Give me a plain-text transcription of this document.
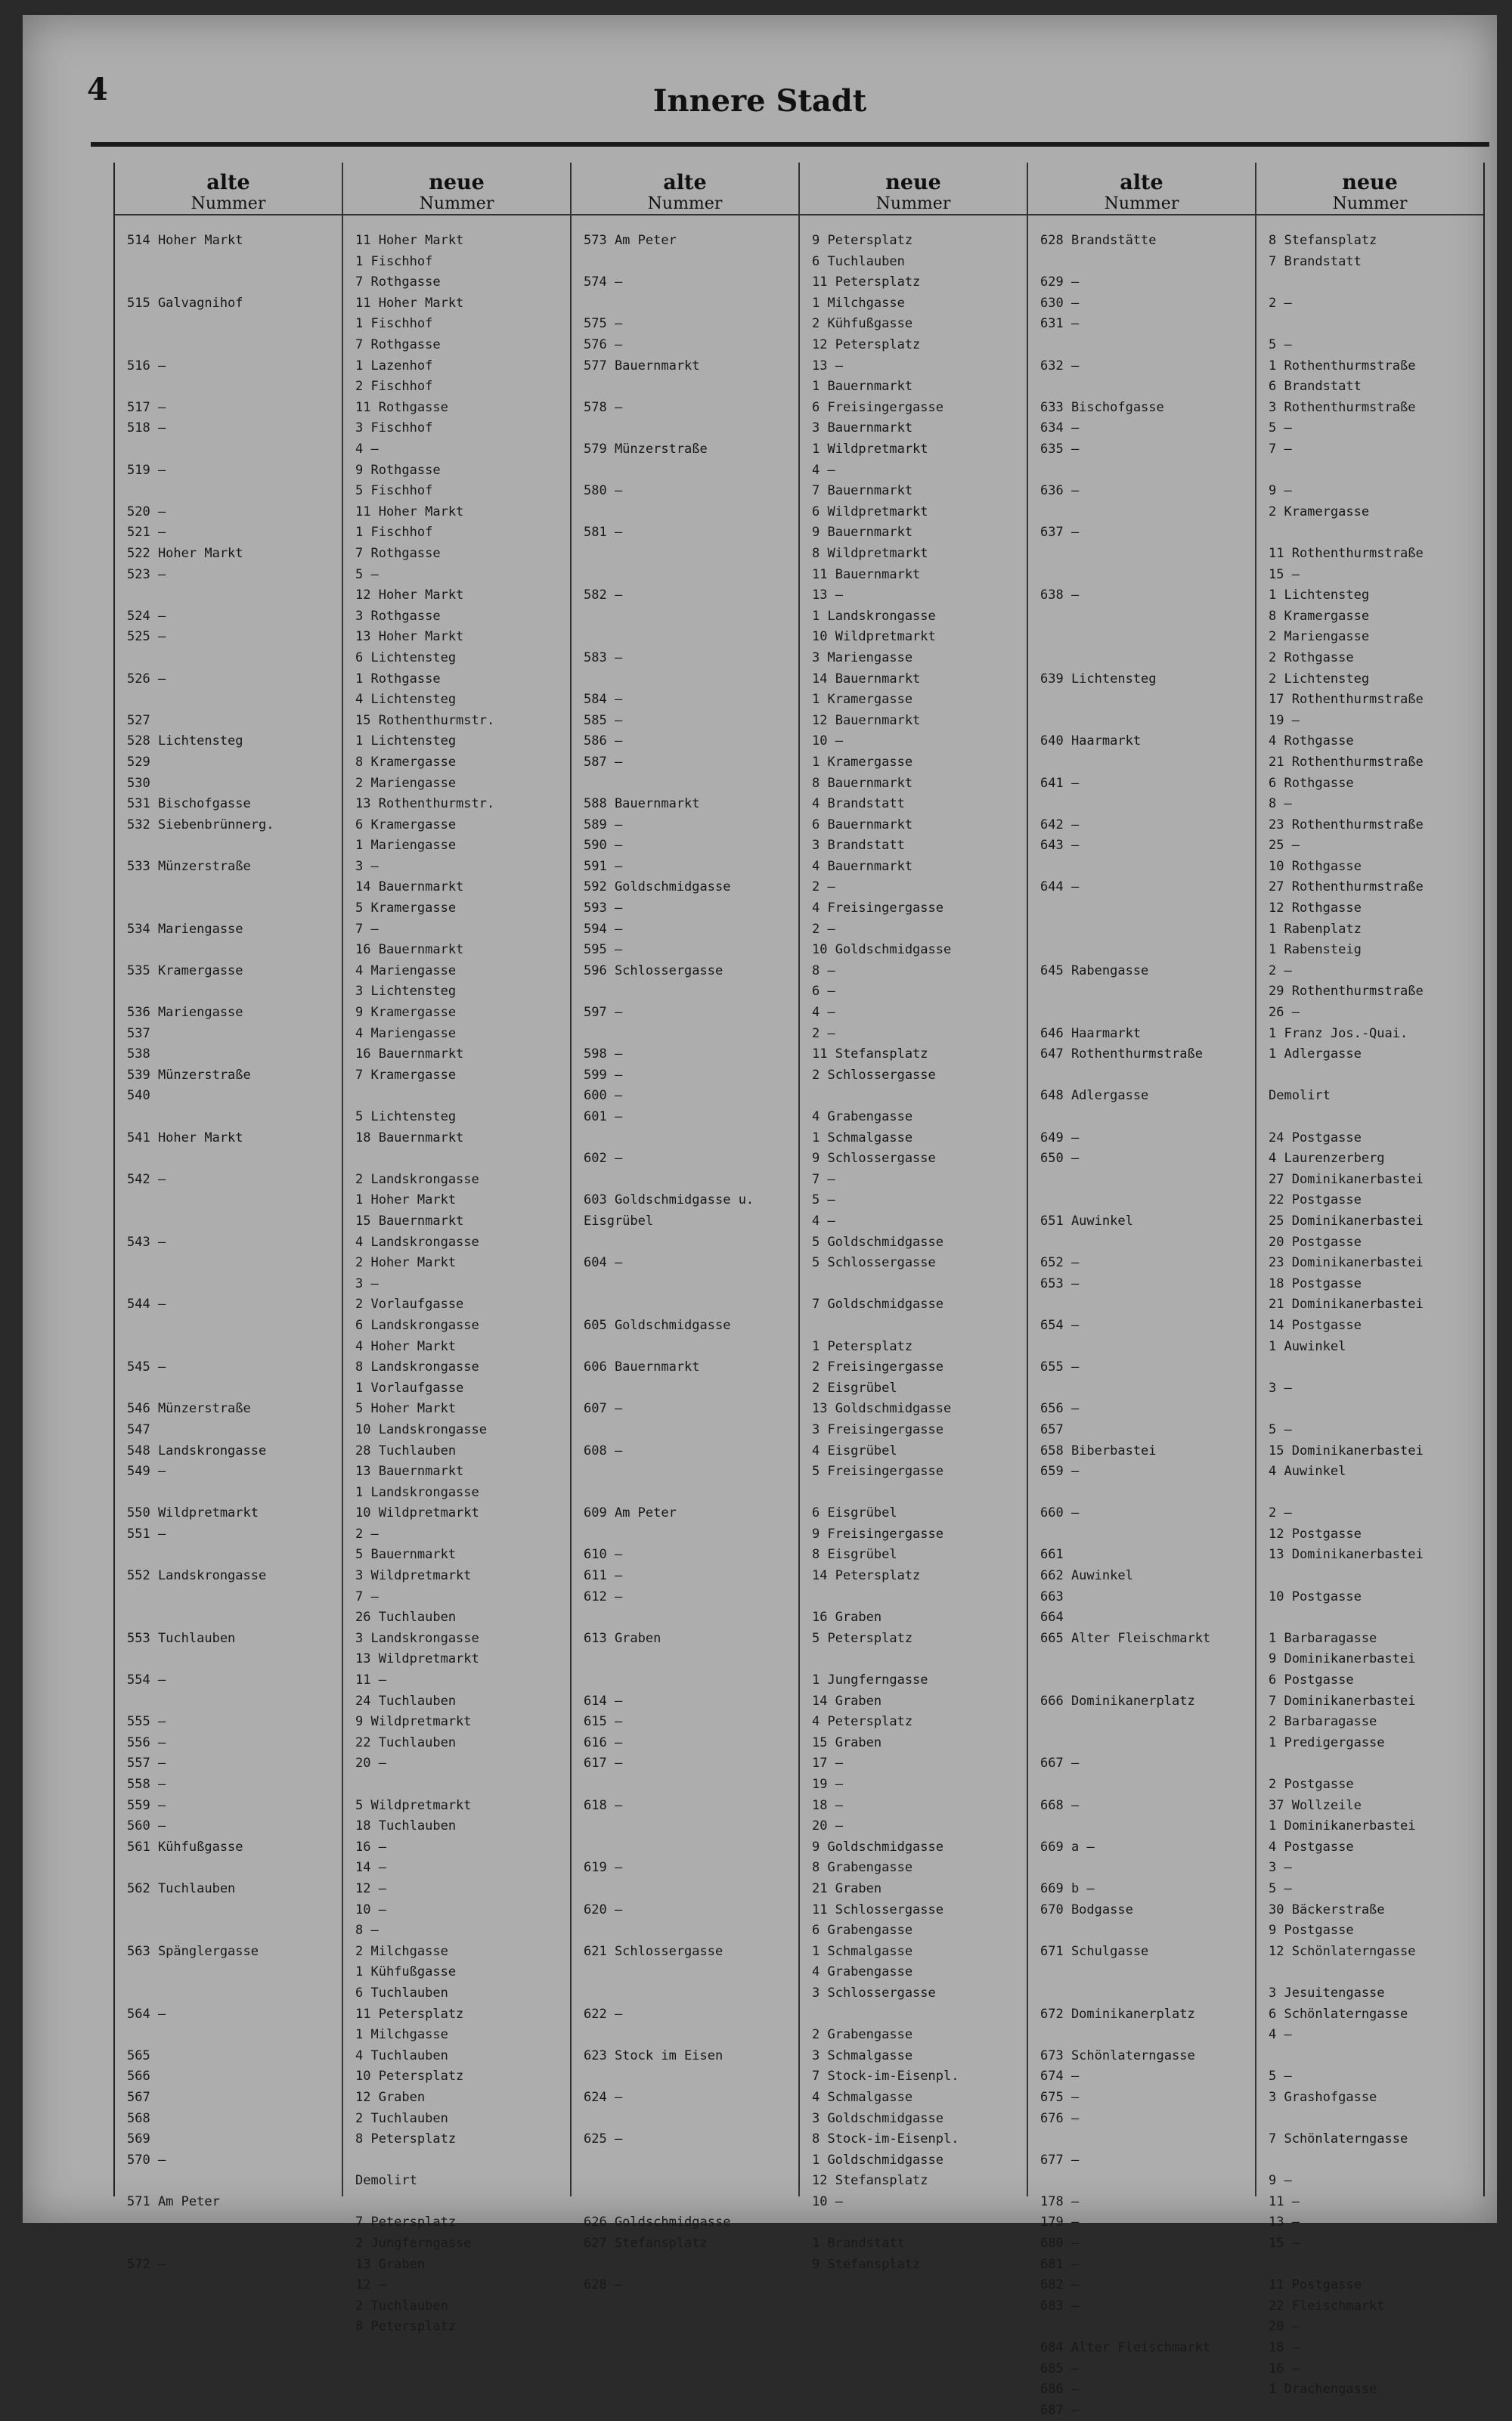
4	Innere Stadt
alte
Nummer
514 Hoher Markt

515 Galvagnihof

516 —

517 —
518 —

519 —

520 —
521 —
522 Hoher Markt
523 —

524 —
525 —

526 —

527
528 Lichtensteg
529
530
531 Bischofgasse
532 Siebenbrünnerg.

533 Münzerstraße

534 Mariengasse

535 Kramergasse

536 Mariengasse
537
538
539 Münzerstraße
540

541 Hoher Markt

542 —

543 —

544 —

545 —

546 Münzerstraße
547
548 Landskrongasse
549 —

550 Wildpretmarkt
551 —

552 Landskrongasse

553 Tuchlauben

554 —

555 —
556 —
557 —
558 —
559 —
560 —
561 Kühfußgasse

562 Tuchlauben

563 Spänglergasse

564 —

565
566
567
568
569
570 —

571 Am Peter

572 —
neue
Nummer
11 Hoher Markt
1 Fischhof
7 Rothgasse
11 Hoher Markt
1 Fischhof
7 Rothgasse
1 Lazenhof
2 Fischhof
11 Rothgasse
3 Fischhof
4 —
9 Rothgasse
5 Fischhof
11 Hoher Markt
1 Fischhof
7 Rothgasse
5 —
12 Hoher Markt
3 Rothgasse
13 Hoher Markt
6 Lichtensteg
1 Rothgasse
4 Lichtensteg
15 Rothenthurmstr.
1 Lichtensteg
8 Kramergasse
2 Mariengasse
13 Rothenthurmstr.
6 Kramergasse
1 Mariengasse
3 —
14 Bauernmarkt
5 Kramergasse
7 —
16 Bauernmarkt
4 Mariengasse
3 Lichtensteg
9 Kramergasse
4 Mariengasse
16 Bauernmarkt
7 Kramergasse

5 Lichtensteg
18 Bauernmarkt

2 Landskrongasse
1 Hoher Markt
15 Bauernmarkt
4 Landskrongasse
2 Hoher Markt
3 —
2 Vorlaufgasse
6 Landskrongasse
4 Hoher Markt
8 Landskrongasse
1 Vorlaufgasse
5 Hoher Markt
10 Landskrongasse
28 Tuchlauben
13 Bauernmarkt
1 Landskrongasse
10 Wildpretmarkt
2 —
5 Bauernmarkt
3 Wildpretmarkt
7 —
26 Tuchlauben
3 Landskrongasse
13 Wildpretmarkt
11 —
24 Tuchlauben
9 Wildpretmarkt
22 Tuchlauben
20 —

5 Wildpretmarkt
18 Tuchlauben
16 —
14 —
12 —
10 —
8 —
2 Milchgasse
1 Kühfußgasse
6 Tuchlauben
11 Petersplatz
1 Milchgasse
4 Tuchlauben
10 Petersplatz
12 Graben
2 Tuchlauben
8 Petersplatz

Demolirt

7 Petersplatz
2 Jungferngasse
13 Graben
12 —
2 Tuchlauben
8 Petersplatz
alte
Nummer
573 Am Peter

574 —

575 —
576 —
577 Bauernmarkt

578 —

579 Münzerstraße

580 —

581 —

582 —

583 —

584 —
585 —
586 —
587 —

588 Bauernmarkt
589 —
590 —
591 —
592 Goldschmidgasse
593 —
594 —
595 —
596 Schlossergasse

597 —

598 —
599 —
600 —
601 —

602 —

603 Goldschmidgasse u.
Eisgrübel

604 —

605 Goldschmidgasse

606 Bauernmarkt

607 —

608 —

609 Am Peter

610 —
611 —
612 —

613 Graben

614 —
615 —
616 —
617 —

618 —

619 —

620 —

621 Schlossergasse

622 —

623 Stock im Eisen

624 —

625 —

626 Goldschmidgasse
627 Stefansplatz

628 —
neue
Nummer
9 Petersplatz
6 Tuchlauben
11 Petersplatz
1 Milchgasse
2 Kühfußgasse
12 Petersplatz
13 —
1 Bauernmarkt
6 Freisingergasse
3 Bauernmarkt
1 Wildpretmarkt
4 —
7 Bauernmarkt
6 Wildpretmarkt
9 Bauernmarkt
8 Wildpretmarkt
11 Bauernmarkt
13 —
1 Landskrongasse
10 Wildpretmarkt
3 Mariengasse
14 Bauernmarkt
1 Kramergasse
12 Bauernmarkt
10 —
1 Kramergasse
8 Bauernmarkt
4 Brandstatt
6 Bauernmarkt
3 Brandstatt
4 Bauernmarkt
2 —
4 Freisingergasse
2 —
10 Goldschmidgasse
8 —
6 —
4 —
2 —
11 Stefansplatz
2 Schlossergasse

4 Grabengasse
1 Schmalgasse
9 Schlossergasse
7 —
5 —
4 —
5 Goldschmidgasse
5 Schlossergasse

7 Goldschmidgasse

1 Petersplatz
2 Freisingergasse
2 Eisgrübel
13 Goldschmidgasse
3 Freisingergasse
4 Eisgrübel
5 Freisingergasse

6 Eisgrübel
9 Freisingergasse
8 Eisgrübel
14 Petersplatz

16 Graben
5 Petersplatz

1 Jungferngasse
14 Graben
4 Petersplatz
15 Graben
17 —
19 —
18 —
20 —
9 Goldschmidgasse
8 Grabengasse
21 Graben
11 Schlossergasse
6 Grabengasse
1 Schmalgasse
4 Grabengasse
3 Schlossergasse

2 Grabengasse
3 Schmalgasse
7 Stock-im-Eisenpl.
4 Schmalgasse
3 Goldschmidgasse
8 Stock-im-Eisenpl.
1 Goldschmidgasse
12 Stefansplatz
10 —

1 Brandstatt
9 Stefansplatz
alte
Nummer
628 Brandstätte

629 —
630 —
631 —

632 —

633 Bischofgasse
634 —
635 —

636 —

637 —

638 —

639 Lichtensteg

640 Haarmarkt

641 —

642 —
643 —

644 —

645 Rabengasse

646 Haarmarkt
647 Rothenthurmstraße

648 Adlergasse

649 —
650 —

651 Auwinkel

652 —
653 —

654 —

655 —

656 —
657
658 Biberbastei
659 —

660 —

661
662 Auwinkel
663
664
665 Alter Fleischmarkt

666 Dominikanerplatz

667 —

668 —

669 a —

669 b —
670 Bodgasse

671 Schulgasse

672 Dominikanerplatz

673 Schönlaterngasse
674 —
675 —
676 —

677 —

178 —
179 —
680 —
681 —
682 —
683 —

684 Alter Fleischmarkt
685 —
686 —
687 —
neue
Nummer
8 Stefansplatz
7 Brandstatt

2 —

5 —
1 Rothenthurmstraße
6 Brandstatt
3 Rothenthurmstraße
5 —
7 —

9 —
2 Kramergasse

11 Rothenthurmstraße
15 —
1 Lichtensteg
8 Kramergasse
2 Mariengasse
2 Rothgasse
2 Lichtensteg
17 Rothenthurmstraße
19 —
4 Rothgasse
21 Rothenthurmstraße
6 Rothgasse
8 —
23 Rothenthurmstraße
25 —
10 Rothgasse
27 Rothenthurmstraße
12 Rothgasse
1 Rabenplatz
1 Rabensteig
2 —
29 Rothenthurmstraße
26 —
1 Franz Jos.-Quai.
1 Adlergasse

Demolirt

24 Postgasse
4 Laurenzerberg
27 Dominikanerbastei
22 Postgasse
25 Dominikanerbastei
20 Postgasse
23 Dominikanerbastei
18 Postgasse
21 Dominikanerbastei
14 Postgasse
1 Auwinkel

3 —

5 —
15 Dominikanerbastei
4 Auwinkel

2 —
12 Postgasse
13 Dominikanerbastei

10 Postgasse

1 Barbaragasse
9 Dominikanerbastei
6 Postgasse
7 Dominikanerbastei
2 Barbaragasse
1 Predigergasse

2 Postgasse
37 Wollzeile
1 Dominikanerbastei
4 Postgasse
3 —
5 —
30 Bäckerstraße
9 Postgasse
12 Schönlaterngasse

3 Jesuitengasse
6 Schönlaterngasse
4 —

5 —
3 Grashofgasse

7 Schönlaterngasse

9 —
11 —
13 —
15 —

11 Postgasse
22 Fleischmarkt
20 —
18 —
16 —
1 Drachengasse
